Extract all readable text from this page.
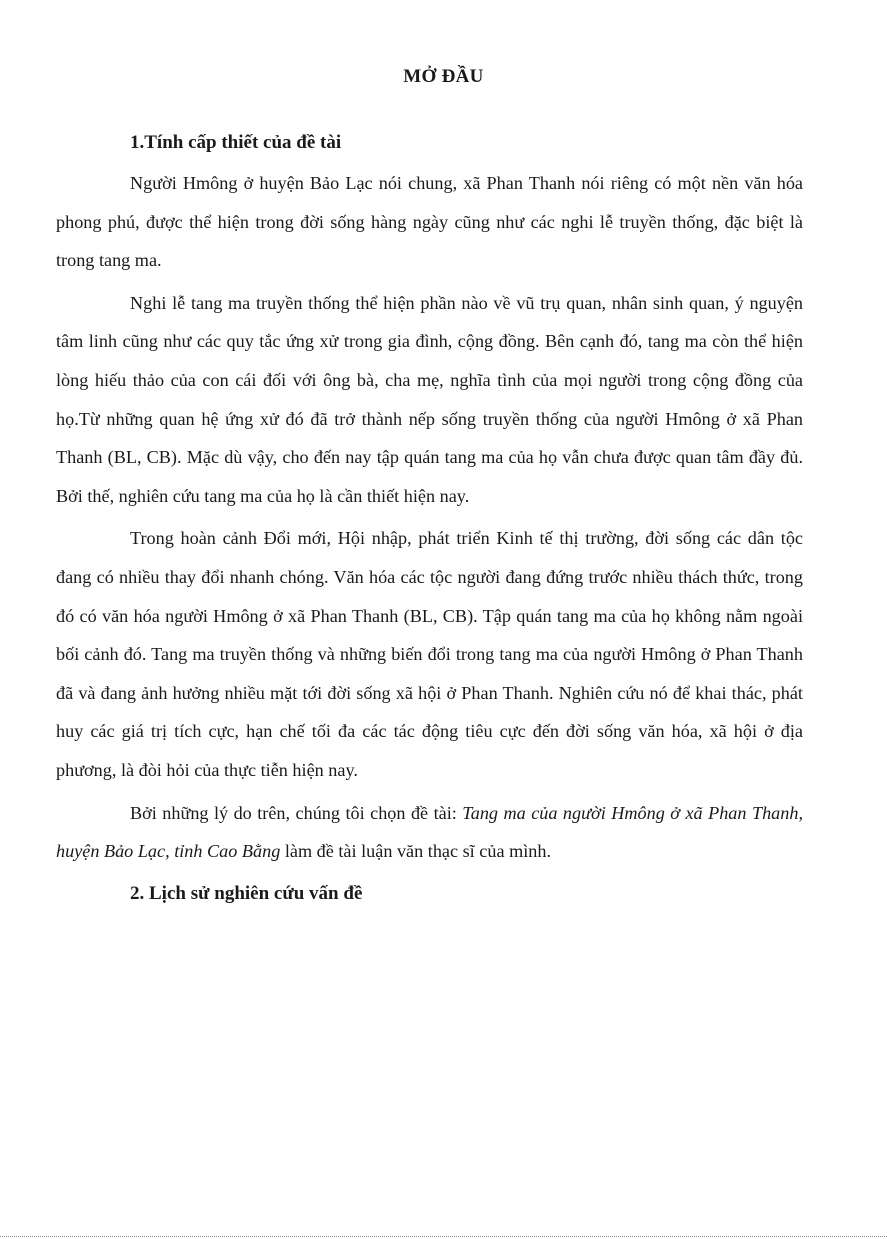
MỞ ĐẦU
1.Tính cấp thiết của đề tài

Người Hmông ở huyện Bảo Lạc nói chung, xã Phan Thanh nói riêng có một nền văn hóa phong phú, được thể hiện trong đời sống hàng ngày cũng như các nghi lễ truyền thống, đặc biệt là trong tang ma.

Nghi lễ tang ma truyền thống thể hiện phần nào về vũ trụ quan, nhân sinh quan, ý nguyện tâm linh cũng như các quy tắc ứng xử trong gia đình, cộng đồng. Bên cạnh đó, tang ma còn thể hiện lòng hiếu thảo của con cái đối với ông bà, cha mẹ, nghĩa tình của mọi người trong cộng đồng của họ.Từ những quan hệ ứng xử đó đã trở thành nếp sống truyền thống của người Hmông ở xã Phan Thanh (BL, CB). Mặc dù vậy, cho đến nay tập quán tang ma của họ vẫn chưa được quan tâm đầy đủ. Bởi thế, nghiên cứu tang ma của họ là cần thiết hiện nay.

Trong hoàn cảnh Đổi mới, Hội nhập, phát triển Kinh tế thị trường, đời sống các dân tộc đang có nhiều thay đổi nhanh chóng. Văn hóa các tộc người đang đứng trước nhiều thách thức, trong đó có văn hóa người Hmông ở xã Phan Thanh (BL, CB). Tập quán tang ma của họ không nằm ngoài bối cảnh đó. Tang ma truyền thống và những biến đổi trong tang ma của người Hmông ở Phan Thanh đã và đang ảnh hưởng nhiều mặt tới đời sống xã hội ở Phan Thanh. Nghiên cứu nó để khai thác, phát huy các giá trị tích cực, hạn chế tối đa các tác động tiêu cực đến đời sống văn hóa, xã hội ở địa phương, là đòi hỏi của thực tiễn hiện nay.

Bởi những lý do trên, chúng tôi chọn đề tài: Tang ma của người Hmông ở xã Phan Thanh, huyện Bảo Lạc, tỉnh Cao Bằng làm đề tài luận văn thạc sĩ của mình.

2. Lịch sử nghiên cứu vấn đề
